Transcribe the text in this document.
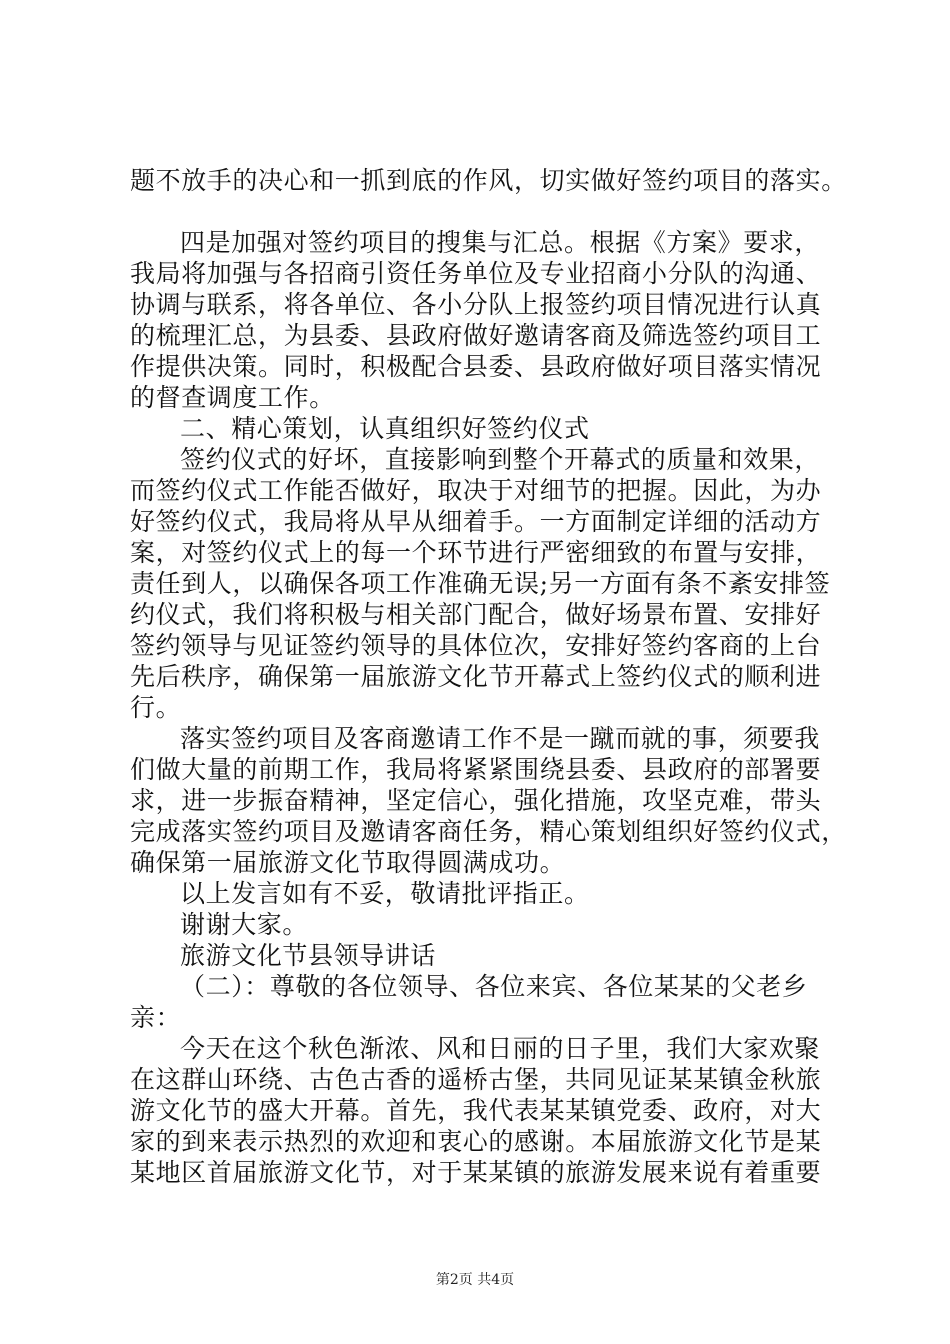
题不放手的决心和一抓到底的作风，切实做好签约项目的落实。
四是加强对签约项目的搜集与汇总。根据《方案》要求，
我局将加强与各招商引资任务单位及专业招商小分队的沟通、
协调与联系，将各单位、各小分队上报签约项目情况进行认真
的梳理汇总，为县委、县政府做好邀请客商及筛选签约项目工
作提供决策。同时，积极配合县委、县政府做好项目落实情况
的督查调度工作。
二、精心策划，认真组织好签约仪式
签约仪式的好坏，直接影响到整个开幕式的质量和效果，
而签约仪式工作能否做好，取决于对细节的把握。因此，为办
好签约仪式，我局将从早从细着手。一方面制定详细的活动方
案，对签约仪式上的每一个环节进行严密细致的布置与安排，
责任到人，以确保各项工作准确无误;另一方面有条不紊安排签
约仪式，我们将积极与相关部门配合，做好场景布置、安排好
签约领导与见证签约领导的具体位次，安排好签约客商的上台
先后秩序，确保第一届旅游文化节开幕式上签约仪式的顺利进
行。
落实签约项目及客商邀请工作不是一蹴而就的事，须要我
们做大量的前期工作，我局将紧紧围绕县委、县政府的部署要
求，进一步振奋精神，坚定信心，强化措施，攻坚克难，带头
完成落实签约项目及邀请客商任务，精心策划组织好签约仪式，
确保第一届旅游文化节取得圆满成功。
以上发言如有不妥，敬请批评指正。
谢谢大家。
旅游文化节县领导讲话
（二）：尊敬的各位领导、各位来宾、各位某某的父老乡
亲：
今天在这个秋色渐浓、风和日丽的日子里，我们大家欢聚
在这群山环绕、古色古香的遥桥古堡，共同见证某某镇金秋旅
游文化节的盛大开幕。首先，我代表某某镇党委、政府，对大
家的到来表示热烈的欢迎和衷心的感谢。本届旅游文化节是某
某地区首届旅游文化节，对于某某镇的旅游发展来说有着重要
第2页 共4页
